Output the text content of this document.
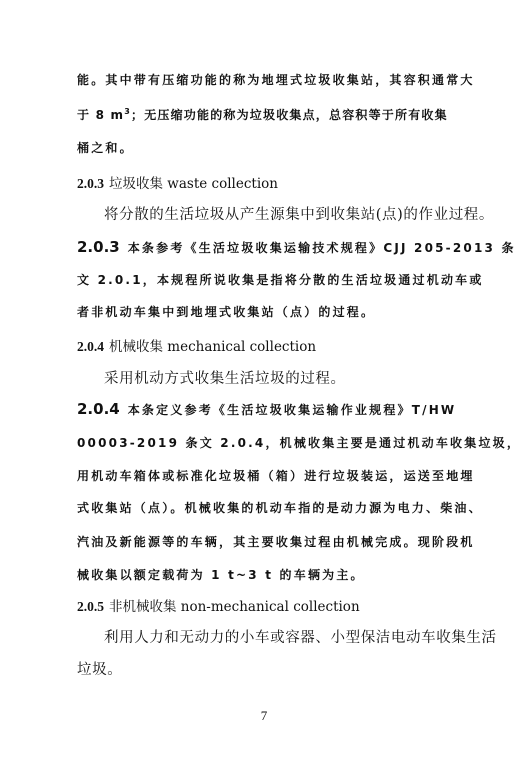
能。其中带有压缩功能的称为地埋式垃圾收集站，其容积通常大
于 8 $m^3$；无压缩功能的称为垃圾收集点，总容积等于所有收集
桶之和。
2.0.3 垃圾收集 waste collection
将分散的生活垃圾从产生源集中到收集站(点)的作业过程。
2.0.3 本条参考《生活垃圾收集运输技术规程》CJJ 205-2013 条
文 2.0.1，本规程所说收集是指将分散的生活垃圾通过机动车或
者非机动车集中到地埋式收集站（点）的过程。
2.0.4 机械收集 mechanical collection
采用机动方式收集生活垃圾的过程。
2.0.4 本条定义参考《生活垃圾收集运输作业规程》T/HW
00003-2019 条文 2.0.4，机械收集主要是通过机动车收集垃圾，
用机动车箱体或标准化垃圾桶（箱）进行垃圾装运，运送至地埋
式收集站（点）。机械收集的机动车指的是动力源为电力、柴油、
汽油及新能源等的车辆，其主要收集过程由机械完成。现阶段机
械收集以额定载荷为 1 t~3 t 的车辆为主。
2.0.5 非机械收集 non-mechanical collection
利用人力和无动力的小车或容器、小型保洁电动车收集生活
垃圾。
7
